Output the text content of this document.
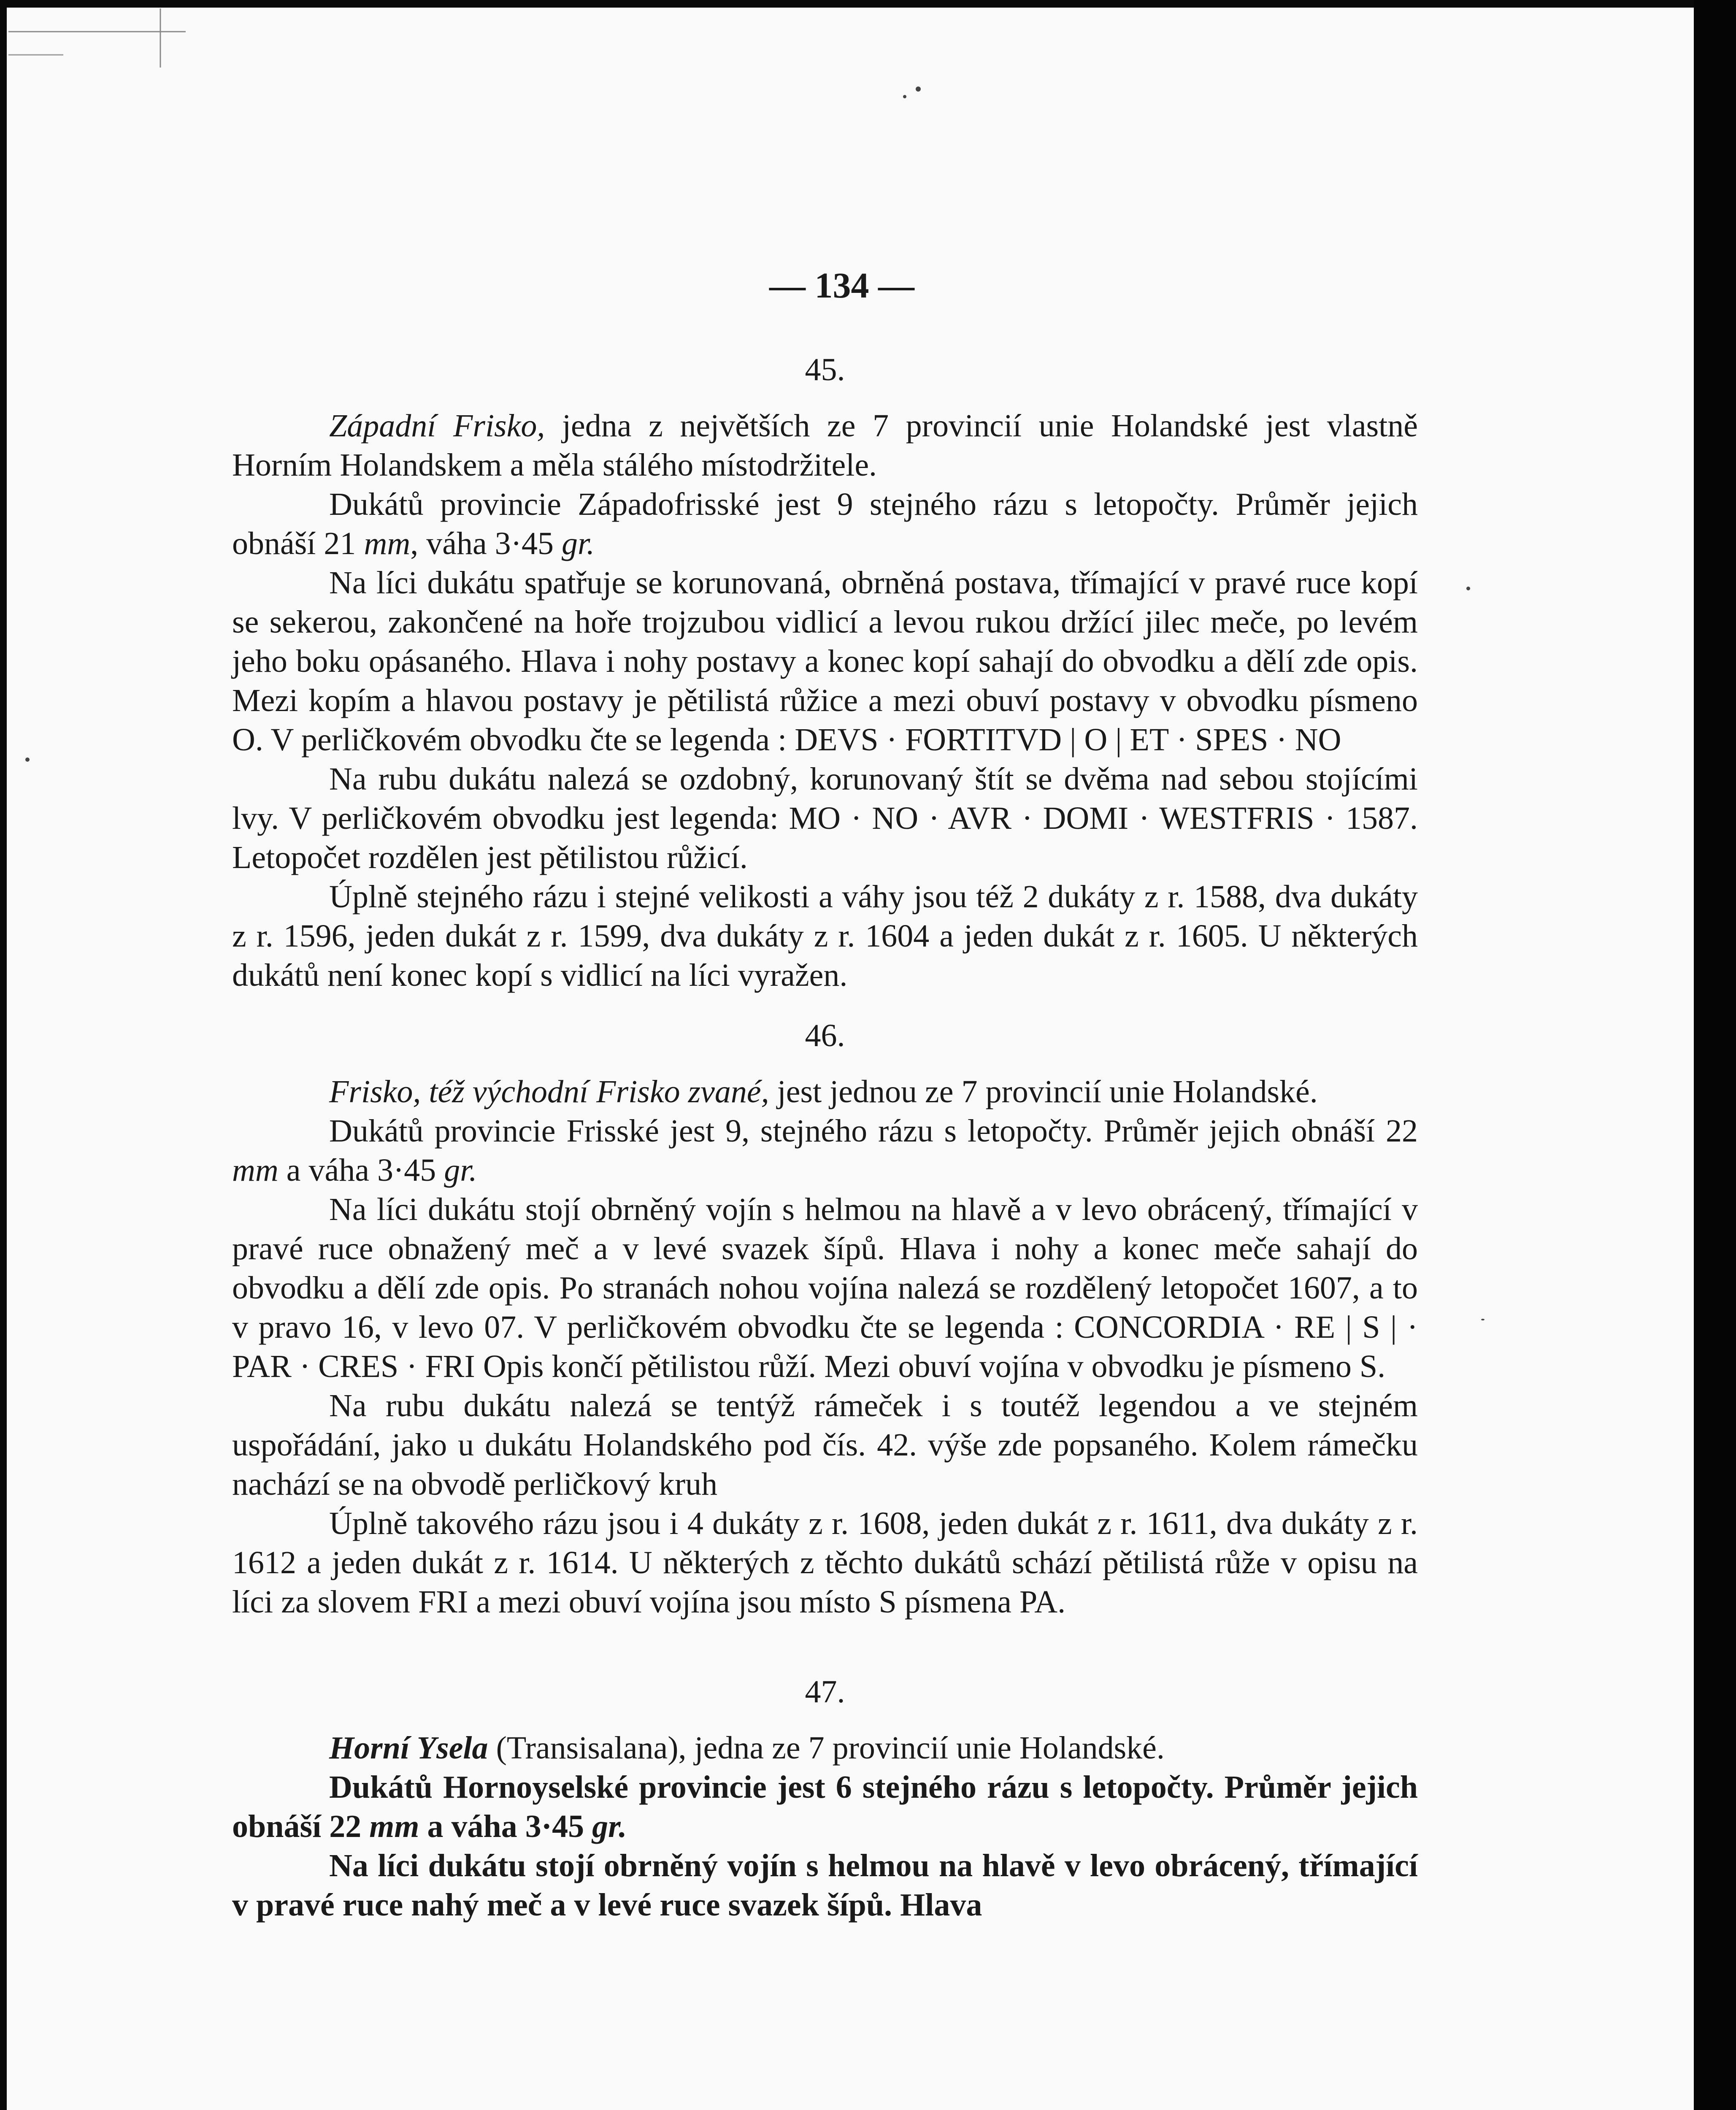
— 134 —
45.

Západní Frisko, jedna z největších ze 7 provincií unie Holandské jest vlastně Horním Holandskem a měla stálého místodržitele.

Dukátů provincie Západofrisské jest 9 stejného rázu s letopočty. Průměr jejich obnáší 21 mm, váha 3·45 gr.

Na líci dukátu spatřuje se korunovaná, obrněná postava, třímající v pravé ruce kopí se sekerou, zakončené na hoře trojzubou vidlicí a levou rukou držící jilec meče, po levém jeho boku opásaného. Hlava i nohy postavy a konec kopí sahají do obvodku a dělí zde opis. Mezi kopím a hlavou postavy je pětilistá růžice a mezi obuví postavy v obvodku písmeno O. V perličkovém obvodku čte se legenda : DEVS · FORTITVD | O | ET · SPES · NO

Na rubu dukátu nalezá se ozdobný, korunovaný štít se dvěma nad sebou stojícími lvy. V perličkovém obvodku jest legenda: MO · NO · AVR · DOMI · WESTFRIS · 1587. Letopočet rozdělen jest pětilistou růžicí.

Úplně stejného rázu i stejné velikosti a váhy jsou též 2 dukáty z r. 1588, dva dukáty z r. 1596, jeden dukát z r. 1599, dva dukáty z r. 1604 a jeden dukát z r. 1605. U některých dukátů není konec kopí s vidlicí na líci vyražen.

46.

Frisko, též východní Frisko zvané, jest jednou ze 7 provincií unie Holandské.

Dukátů provincie Frisské jest 9, stejného rázu s letopočty. Průměr jejich obnáší 22 mm a váha 3·45 gr.

Na líci dukátu stojí obrněný vojín s helmou na hlavě a v levo obrácený, třímající v pravé ruce obnažený meč a v levé svazek šípů. Hlava i nohy a konec meče sahají do obvodku a dělí zde opis. Po stranách nohou vojína nalezá se rozdělený letopočet 1607, a to v pravo 16, v levo 07. V perličkovém obvodku čte se legenda : CONCORDIA · RE | S | · PAR · CRES · FRI Opis končí pětilistou růží. Mezi obuví vojína v obvodku je písmeno S.

Na rubu dukátu nalezá se tentýž rámeček i s toutéž legendou a ve stejném uspořádání, jako u dukátu Holandského pod čís. 42. výše zde popsaného. Kolem rámečku nachází se na obvodě perličkový kruh

Úplně takového rázu jsou i 4 dukáty z r. 1608, jeden dukát z r. 1611, dva dukáty z r. 1612 a jeden dukát z r. 1614. U některých z těchto dukátů schází pětilistá růže v opisu na líci za slovem FRI a mezi obuví vojína jsou místo S písmena PA.

47.

Horní Ysela (Transisalana), jedna ze 7 provincií unie Holandské.

Dukátů Hornoyselské provincie jest 6 stejného rázu s letopočty. Průměr jejich obnáší 22 mm a váha 3·45 gr.

Na líci dukátu stojí obrněný vojín s helmou na hlavě v levo obrácený, třímající v pravé ruce nahý meč a v levé ruce svazek šípů. Hlava
